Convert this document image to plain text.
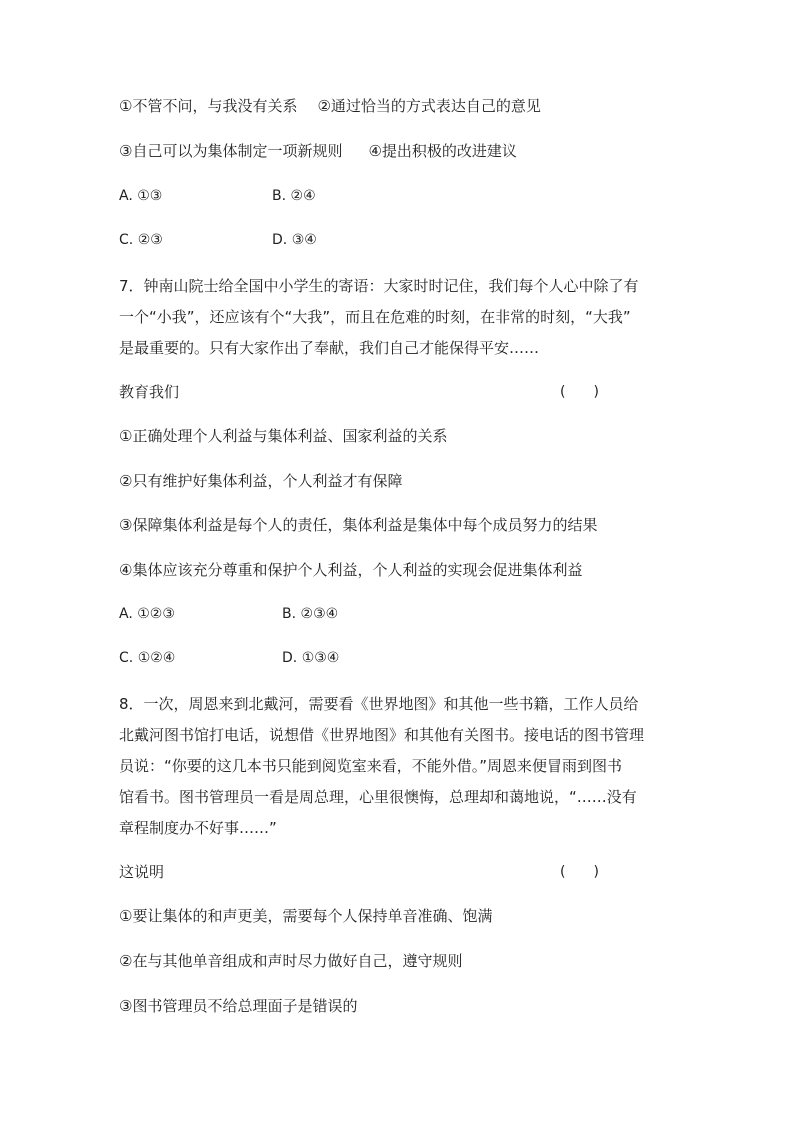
①不管不问，与我没有关系 ②通过恰当的方式表达自己的意见
③自己可以为集体制定一项新规则 ④提出积极的改进建议
A. ①③	B. ②④
C. ②③	D. ③④
7．钟南山院士给全国中小学生的寄语：大家时时记住，我们每个人心中除了有
一个“小我”，还应该有个“大我”，而且在危难的时刻，在非常的时刻，“大我”
是最重要的。只有大家作出了奉献，我们自己才能保得平安……
教育我们	(　　)
①正确处理个人利益与集体利益、国家利益的关系
②只有维护好集体利益，个人利益才有保障
③保障集体利益是每个人的责任，集体利益是集体中每个成员努力的结果
④集体应该充分尊重和保护个人利益，个人利益的实现会促进集体利益
A. ①②③	B. ②③④
C. ①②④	D. ①③④
8．一次，周恩来到北戴河，需要看《世界地图》和其他一些书籍，工作人员给
北戴河图书馆打电话，说想借《世界地图》和其他有关图书。接电话的图书管理
员说：“你要的这几本书只能到阅览室来看，不能外借。”周恩来便冒雨到图书
馆看书。图书管理员一看是周总理，心里很懊悔，总理却和蔼地说，“……没有
章程制度办不好事……”
这说明	(　　)
①要让集体的和声更美，需要每个人保持单音准确、饱满
②在与其他单音组成和声时尽力做好自己，遵守规则
③图书管理员不给总理面子是错误的
